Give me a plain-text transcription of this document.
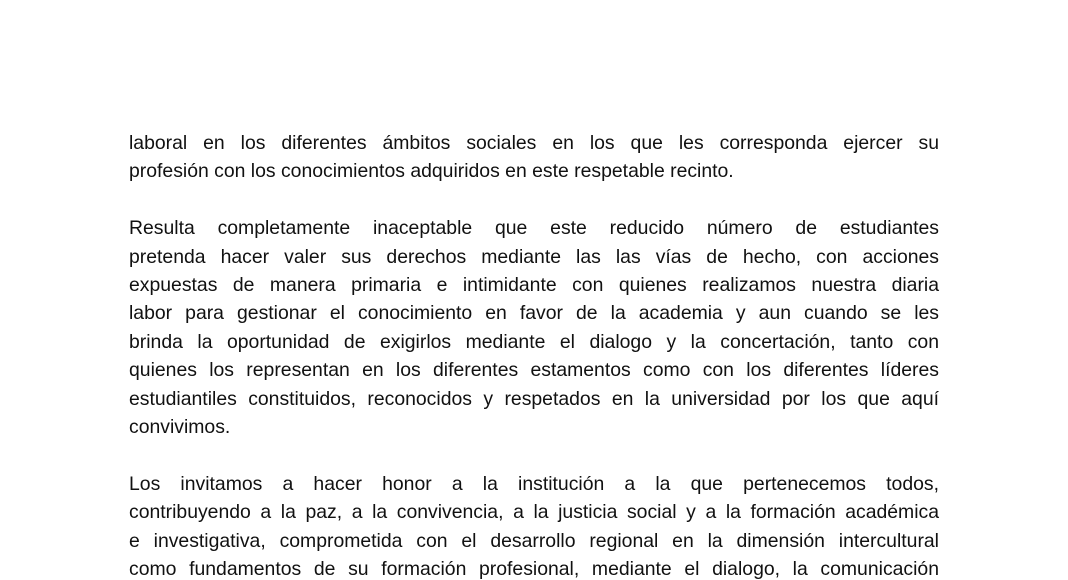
laboral en los diferentes ámbitos sociales en los que les corresponda ejercer su
profesión con los conocimientos adquiridos en este respetable recinto.

Resulta completamente inaceptable que este reducido número de estudiantes
pretenda hacer valer sus derechos mediante las las vías de hecho, con acciones
expuestas de manera primaria e intimidante con quienes realizamos nuestra diaria
labor para gestionar el conocimiento en favor de la academia y aun cuando se les
brinda la oportunidad de exigirlos mediante el dialogo y la concertación, tanto con
quienes los representan en los diferentes estamentos como con los diferentes líderes
estudiantiles constituidos, reconocidos y respetados en la universidad por los que aquí
convivimos.

Los invitamos a hacer honor a la institución a la que pertenecemos todos,
contribuyendo a la paz, a la convivencia, a la justicia social y a la formación académica
e investigativa, comprometida con el desarrollo regional en la dimensión intercultural
como fundamentos de su formación profesional, mediante el dialogo, la comunicación
